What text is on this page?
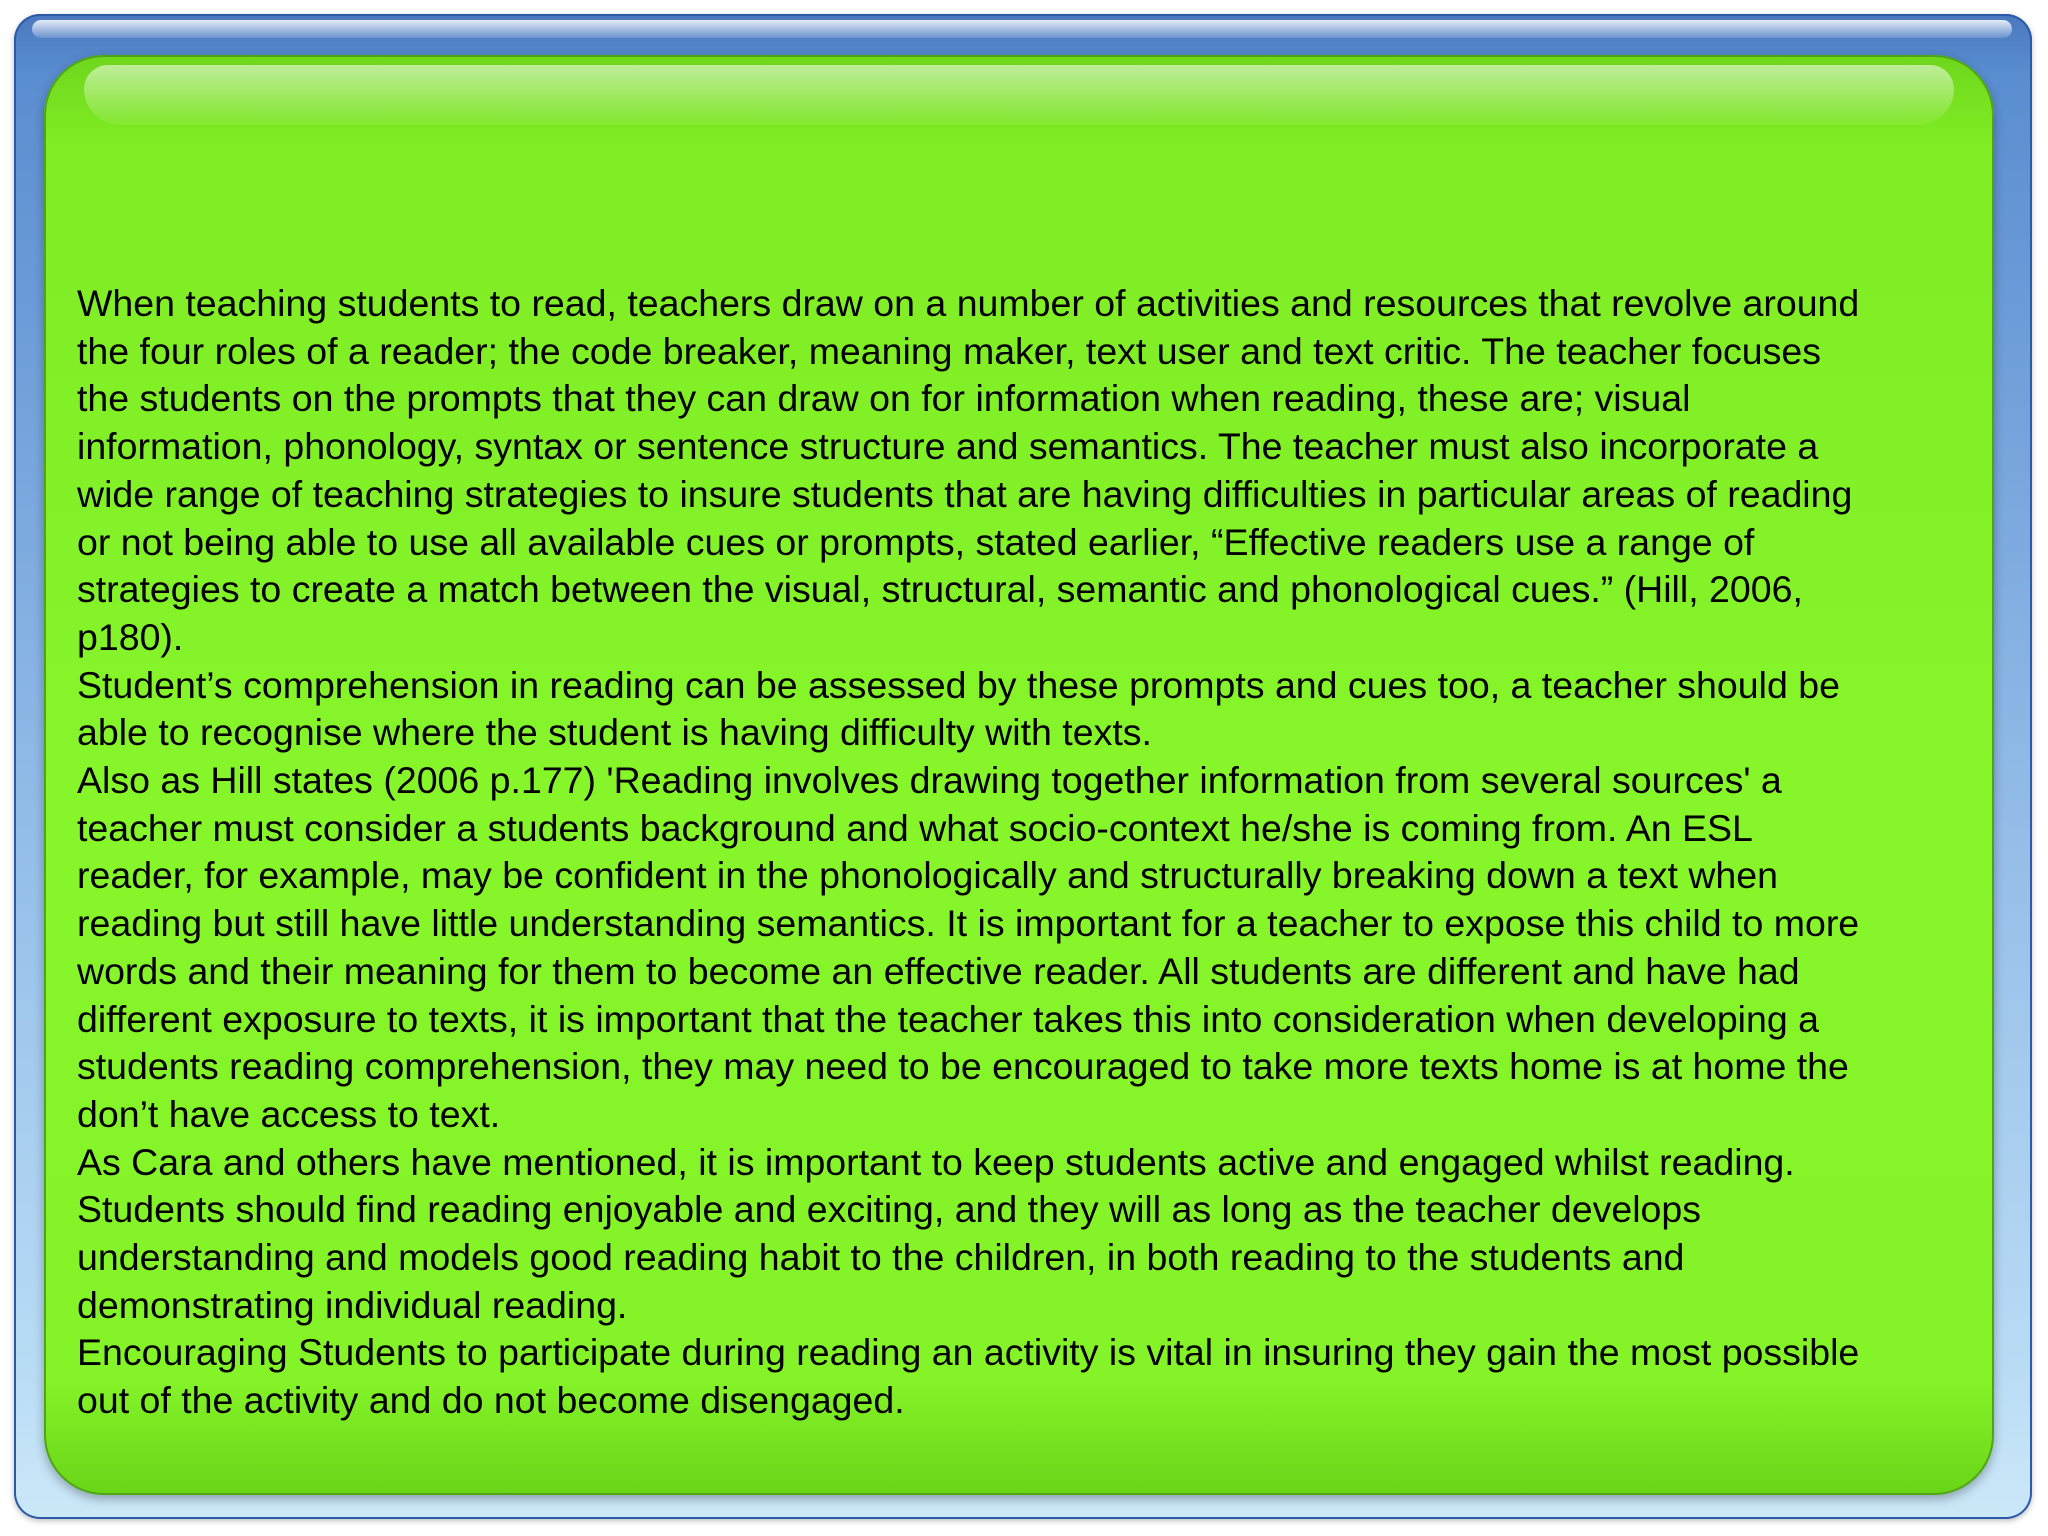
When teaching students to read, teachers draw on a number of activities and resources that revolve around
the four roles of a reader; the code breaker, meaning maker, text user and text critic. The teacher focuses
the students on the prompts that they can draw on for information when reading, these are; visual
information, phonology, syntax or sentence structure and semantics. The teacher must also incorporate a
wide range of teaching strategies to insure students that are having difficulties in particular areas of reading
or not being able to use all available cues or prompts, stated earlier, “Effective readers use a range of
strategies to create a match between the visual, structural, semantic and phonological cues.” (Hill, 2006,
p180).

Student’s comprehension in reading can be assessed by these prompts and cues too, a teacher should be
able to recognise where the student is having difficulty with texts.

Also as Hill states (2006 p.177) 'Reading involves drawing together information from several sources' a
teacher must consider a students background and what socio-context he/she is coming from. An ESL
reader, for example, may be confident in the phonologically and structurally breaking down a text when
reading but still have little understanding semantics. It is important for a teacher to expose this child to more
words and their meaning for them to become an effective reader. All students are different and have had
different exposure to texts, it is important that the teacher takes this into consideration when developing a
students reading comprehension, they may need to be encouraged to take more texts home is at home the
don’t have access to text.

As Cara and others have mentioned, it is important to keep students active and engaged whilst reading.
Students should find reading enjoyable and exciting, and they will as long as the teacher develops
understanding and models good reading habit to the children, in both reading to the students and
demonstrating individual reading.

Encouraging Students to participate during reading an activity is vital in insuring they gain the most possible
out of the activity and do not become disengaged.
